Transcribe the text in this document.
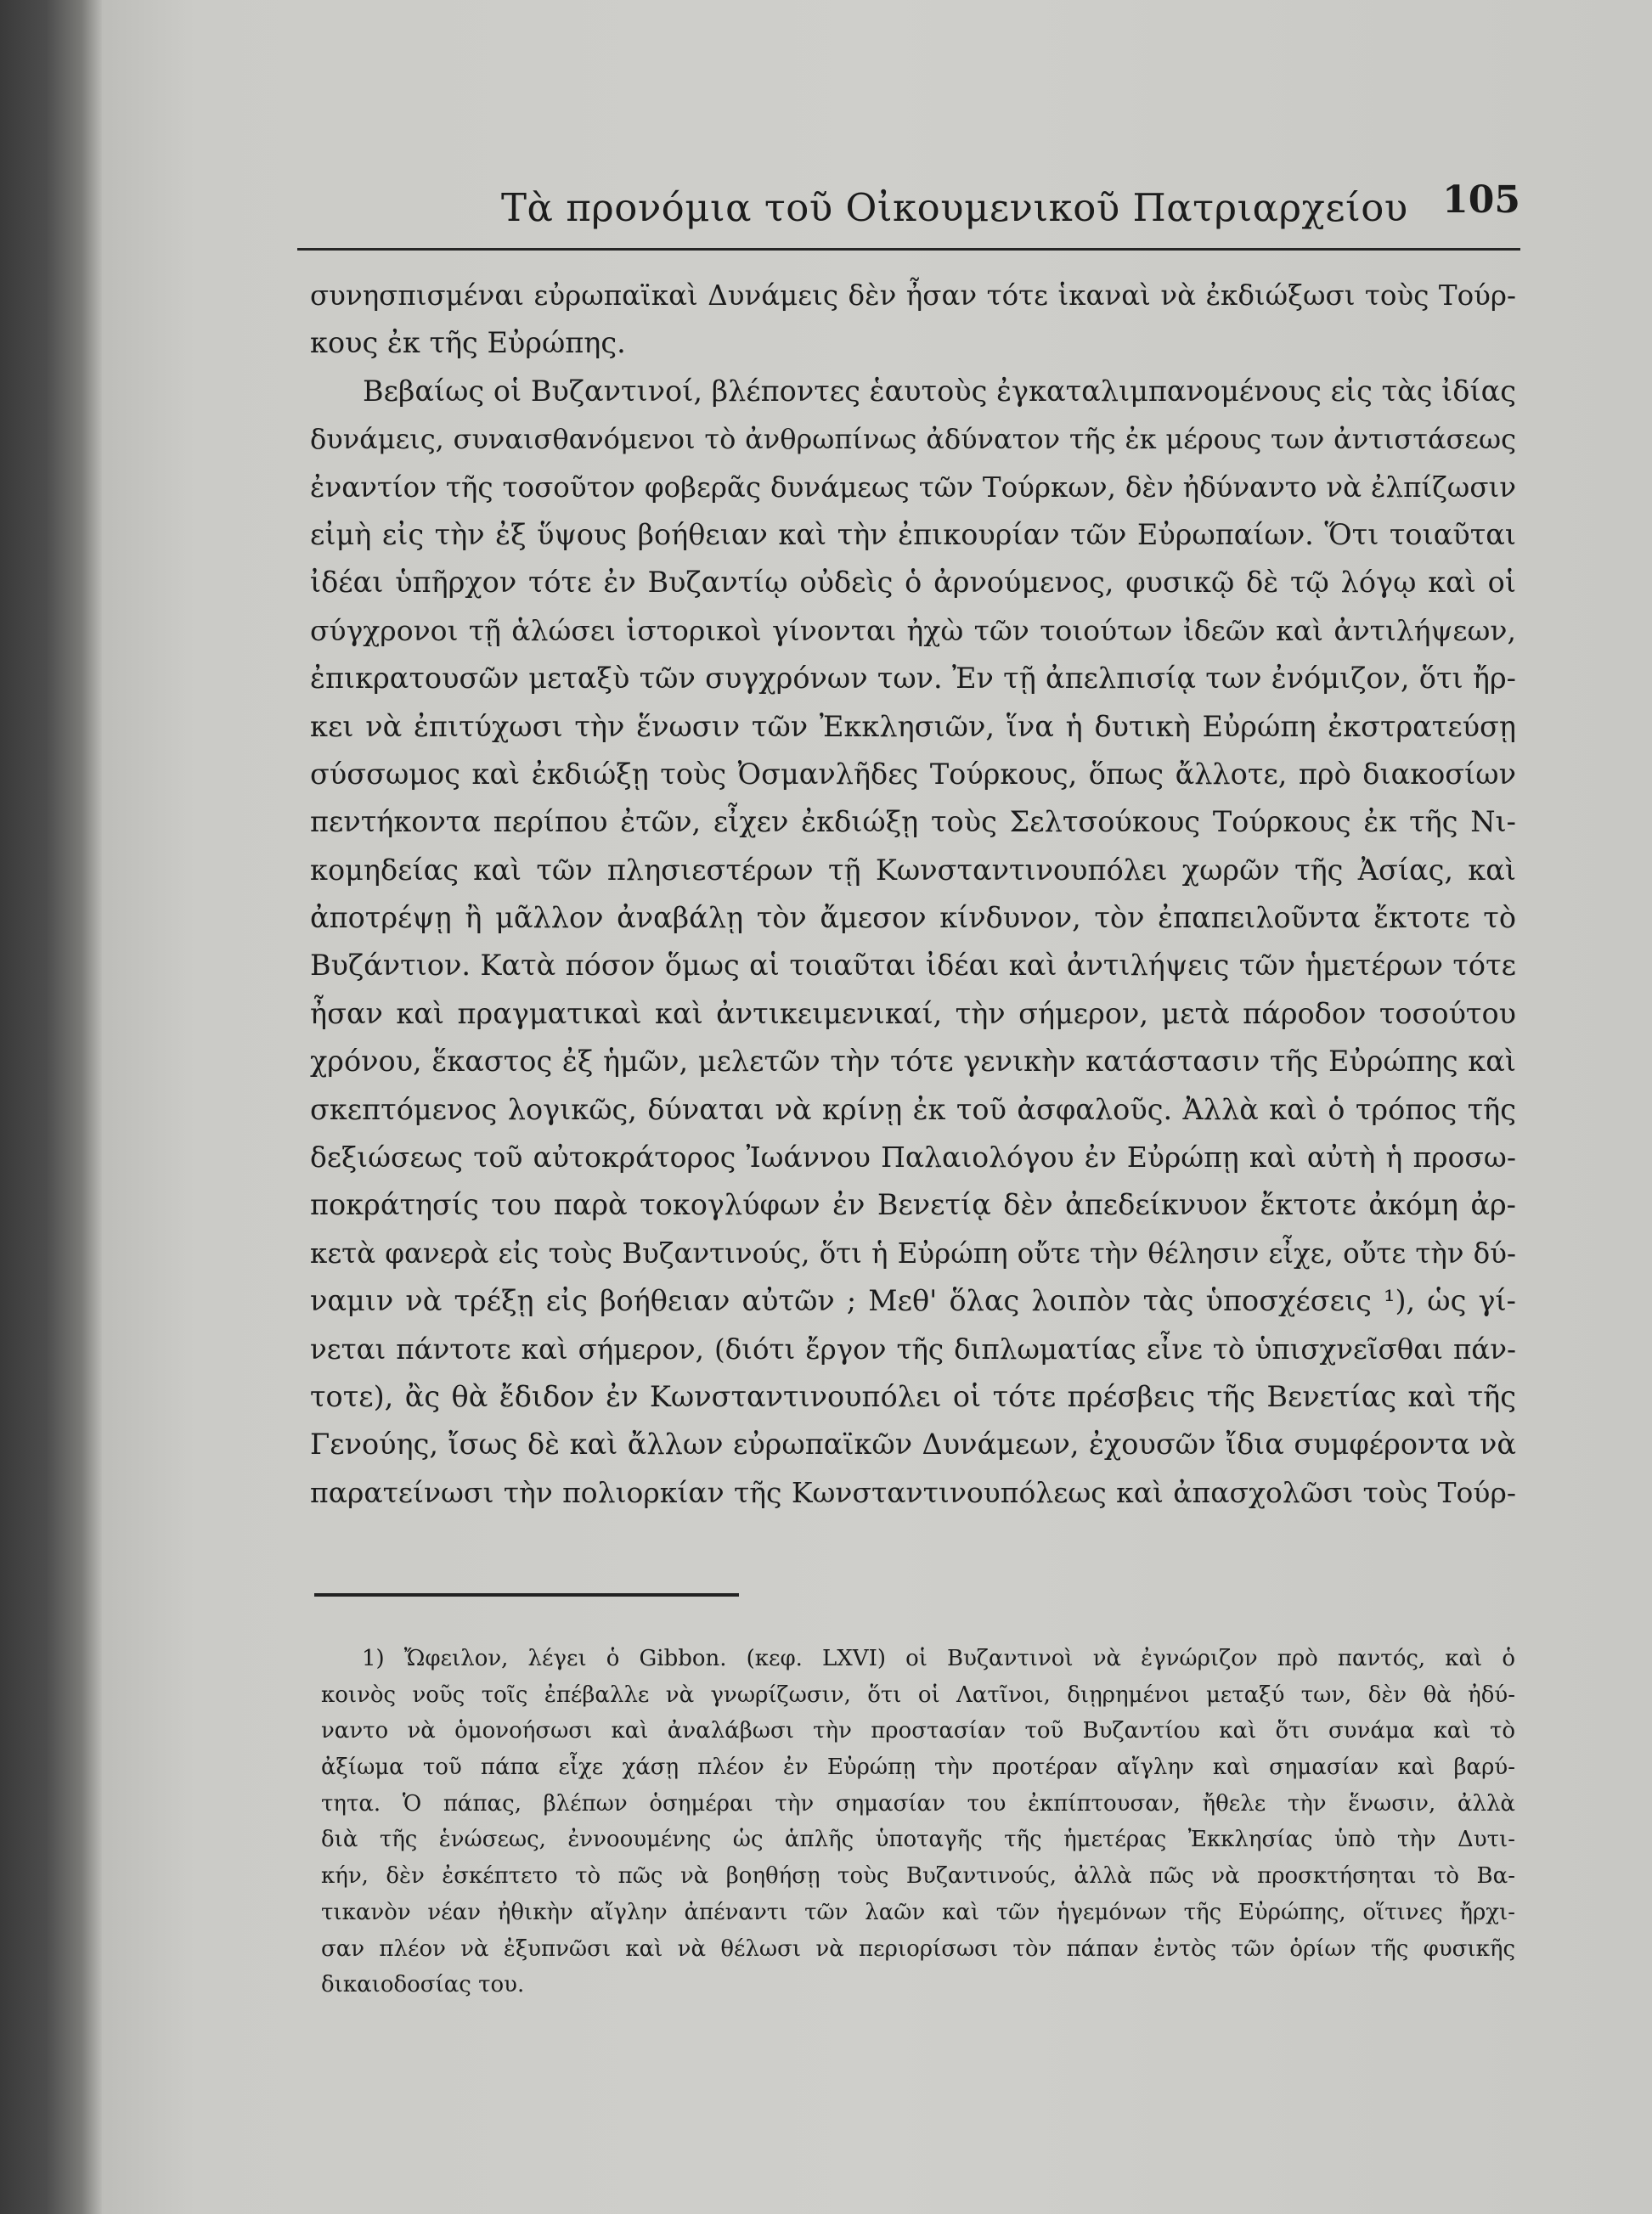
Τὰ προνόμια τοῦ Οἰκουμενικοῦ Πατριαρχείου 105
συνησπισμέναι εὐρωπαϊκαὶ Δυνάμεις δὲν ἦσαν τότε ἱκαναὶ νὰ ἐκδιώξωσι τοὺς Τούρ-
κους ἐκ τῆς Εὐρώπης.
Βεβαίως οἱ Βυζαντινοί, βλέποντες ἑαυτοὺς ἐγκαταλιμπανομένους εἰς τὰς ἰδίας
δυνάμεις, συναισθανόμενοι τὸ ἀνθρωπίνως ἀδύνατον τῆς ἐκ μέρους των ἀντιστάσεως
ἐναντίον τῆς τοσοῦτον φοβερᾶς δυνάμεως τῶν Τούρκων, δὲν ἠδύναντο νὰ ἐλπίζωσιν
εἰμὴ εἰς τὴν ἐξ ὕψους βοήθειαν καὶ τὴν ἐπικουρίαν τῶν Εὐρωπαίων. Ὅτι τοιαῦται
ἰδέαι ὑπῆρχον τότε ἐν Βυζαντίῳ οὐδεὶς ὁ ἀρνούμενος, φυσικῷ δὲ τῷ λόγῳ καὶ οἱ
σύγχρονοι τῇ ἁλώσει ἱστορικοὶ γίνονται ἠχὼ τῶν τοιούτων ἰδεῶν καὶ ἀντιλήψεων,
ἐπικρατουσῶν μεταξὺ τῶν συγχρόνων των. Ἐν τῇ ἀπελπισίᾳ των ἐνόμιζον, ὅτι ἤρ-
κει νὰ ἐπιτύχωσι τὴν ἕνωσιν τῶν Ἐκκλησιῶν, ἵνα ἡ δυτικὴ Εὐρώπη ἐκστρατεύσῃ
σύσσωμος καὶ ἐκδιώξῃ τοὺς Ὀσμανλῆδες Τούρκους, ὅπως ἄλλοτε, πρὸ διακοσίων
πεντήκοντα περίπου ἐτῶν, εἶχεν ἐκδιώξῃ τοὺς Σελτσούκους Τούρκους ἐκ τῆς Νι-
κομηδείας καὶ τῶν πλησιεστέρων τῇ Κωνσταντινουπόλει χωρῶν τῆς Ἀσίας, καὶ
ἀποτρέψῃ ἢ μᾶλλον ἀναβάλῃ τὸν ἄμεσον κίνδυνον, τὸν ἐπαπειλοῦντα ἔκτοτε τὸ
Βυζάντιον. Κατὰ πόσον ὅμως αἱ τοιαῦται ἰδέαι καὶ ἀντιλήψεις τῶν ἡμετέρων τότε
ἦσαν καὶ πραγματικαὶ καὶ ἀντικειμενικαί, τὴν σήμερον, μετὰ πάροδον τοσούτου
χρόνου, ἕκαστος ἐξ ἡμῶν, μελετῶν τὴν τότε γενικὴν κατάστασιν τῆς Εὐρώπης καὶ
σκεπτόμενος λογικῶς, δύναται νὰ κρίνῃ ἐκ τοῦ ἀσφαλοῦς. Ἀλλὰ καὶ ὁ τρόπος τῆς
δεξιώσεως τοῦ αὐτοκράτορος Ἰωάννου Παλαιολόγου ἐν Εὐρώπῃ καὶ αὐτὴ ἡ προσω-
ποκράτησίς του παρὰ τοκογλύφων ἐν Βενετίᾳ δὲν ἀπεδείκνυον ἔκτοτε ἀκόμη ἀρ-
κετὰ φανερὰ εἰς τοὺς Βυζαντινούς, ὅτι ἡ Εὐρώπη οὔτε τὴν θέλησιν εἶχε, οὔτε τὴν δύ-
ναμιν νὰ τρέξῃ εἰς βοήθειαν αὐτῶν ; Μεθ' ὅλας λοιπὸν τὰς ὑποσχέσεις ¹), ὡς γί-
νεται πάντοτε καὶ σήμερον, (διότι ἔργον τῆς διπλωματίας εἶνε τὸ ὑπισχνεῖσθαι πάν-
τοτε), ἂς θὰ ἔδιδον ἐν Κωνσταντινουπόλει οἱ τότε πρέσβεις τῆς Βενετίας καὶ τῆς
Γενούης, ἴσως δὲ καὶ ἄλλων εὐρωπαϊκῶν Δυνάμεων, ἐχουσῶν ἴδια συμφέροντα νὰ
παρατείνωσι τὴν πολιορκίαν τῆς Κωνσταντινουπόλεως καὶ ἀπασχολῶσι τοὺς Τούρ-
1) Ὤφειλον, λέγει ὁ Gibbon. (κεφ. LXVI) οἱ Βυζαντινοὶ νὰ ἐγνώριζον πρὸ παντός, καὶ ὁ
κοινὸς νοῦς τοῖς ἐπέβαλλε νὰ γνωρίζωσιν, ὅτι οἱ Λατῖνοι, διῃρημένοι μεταξύ των, δὲν θὰ ἠδύ-
ναντο νὰ ὁμονοήσωσι καὶ ἀναλάβωσι τὴν προστασίαν τοῦ Βυζαντίου καὶ ὅτι συνάμα καὶ τὸ
ἀξίωμα τοῦ πάπα εἶχε χάσῃ πλέον ἐν Εὐρώπῃ τὴν προτέραν αἴγλην καὶ σημασίαν καὶ βαρύ-
τητα. Ὁ πάπας, βλέπων ὁσημέραι τὴν σημασίαν του ἐκπίπτουσαν, ἤθελε τὴν ἕνωσιν, ἀλλὰ
διὰ τῆς ἑνώσεως, ἐννοουμένης ὡς ἁπλῆς ὑποταγῆς τῆς ἡμετέρας Ἐκκλησίας ὑπὸ τὴν Δυτι-
κήν, δὲν ἐσκέπτετο τὸ πῶς νὰ βοηθήσῃ τοὺς Βυζαντινούς, ἀλλὰ πῶς νὰ προσκτήσηται τὸ Βα-
τικανὸν νέαν ἠθικὴν αἴγλην ἀπέναντι τῶν λαῶν καὶ τῶν ἡγεμόνων τῆς Εὐρώπης, οἵτινες ἤρχι-
σαν πλέον νὰ ἐξυπνῶσι καὶ νὰ θέλωσι νὰ περιορίσωσι τὸν πάπαν ἐντὸς τῶν ὁρίων τῆς φυσικῆς
δικαιοδοσίας του.
